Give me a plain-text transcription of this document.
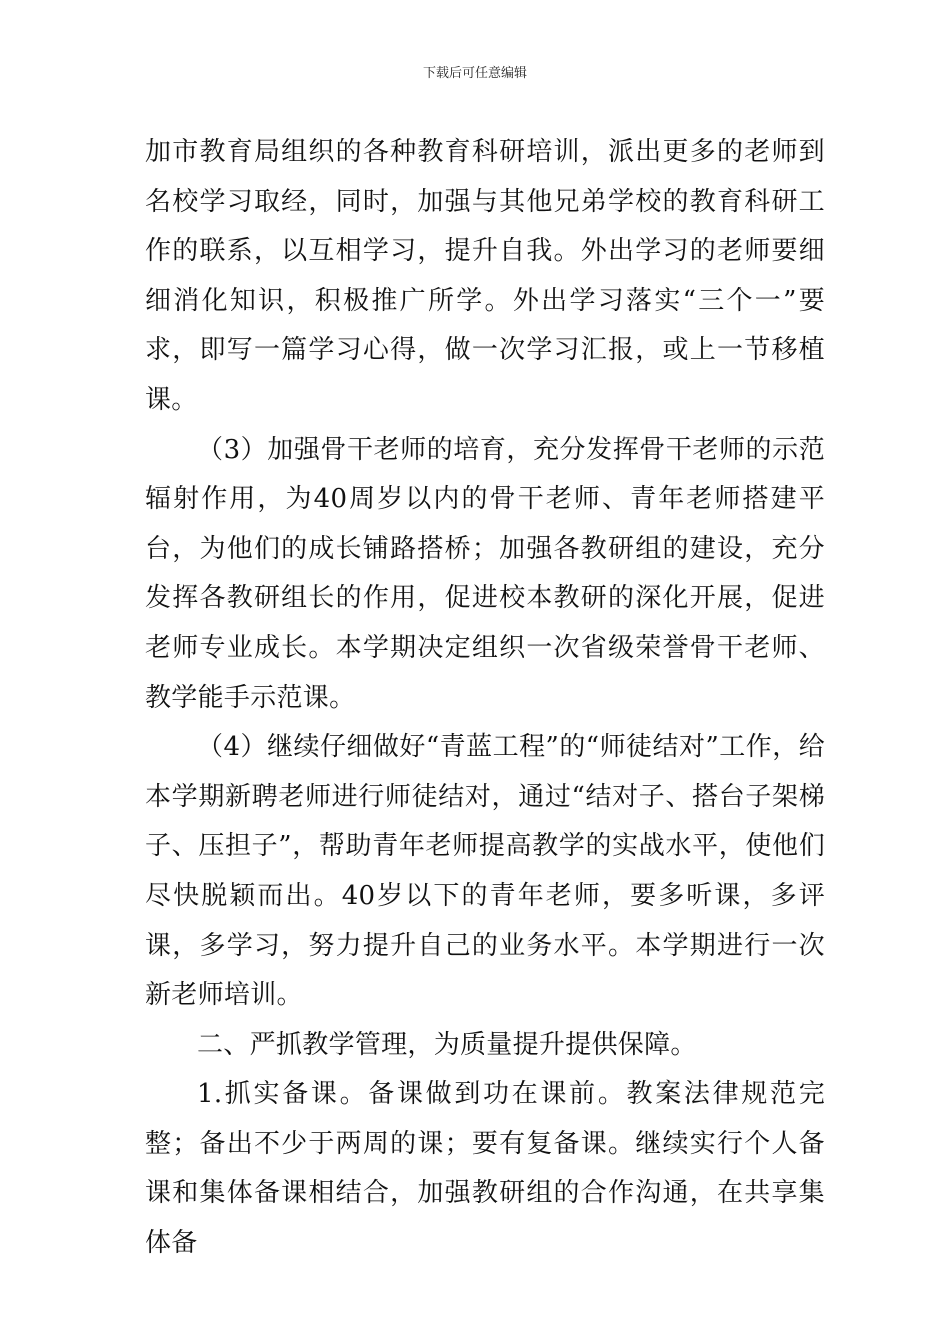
下载后可任意编辑

加市教育局组织的各种教育科研培训，派出更多的老师到名校学习取经，同时，加强与其他兄弟学校的教育科研工作的联系，以互相学习，提升自我。外出学习的老师要细细消化知识，积极推广所学。外出学习落实“三个一”要求，即写一篇学习心得，做一次学习汇报，或上一节移植课。

（3）加强骨干老师的培育，充分发挥骨干老师的示范辐射作用，为40周岁以内的骨干老师、青年老师搭建平台，为他们的成长铺路搭桥；加强各教研组的建设，充分发挥各教研组长的作用，促进校本教研的深化开展，促进老师专业成长。本学期决定组织一次省级荣誉骨干老师、教学能手示范课。

（4）继续仔细做好“青蓝工程”的“师徒结对”工作，给本学期新聘老师进行师徒结对，通过“结对子、搭台子架梯子、压担子”，帮助青年老师提高教学的实战水平，使他们尽快脱颖而出。40岁以下的青年老师，要多听课，多评课，多学习，努力提升自己的业务水平。本学期进行一次新老师培训。

二、严抓教学管理，为质量提升提供保障。

1.抓实备课。备课做到功在课前。教案法律规范完整；备出不少于两周的课；要有复备课。继续实行个人备课和集体备课相结合，加强教研组的合作沟通，在共享集体备
